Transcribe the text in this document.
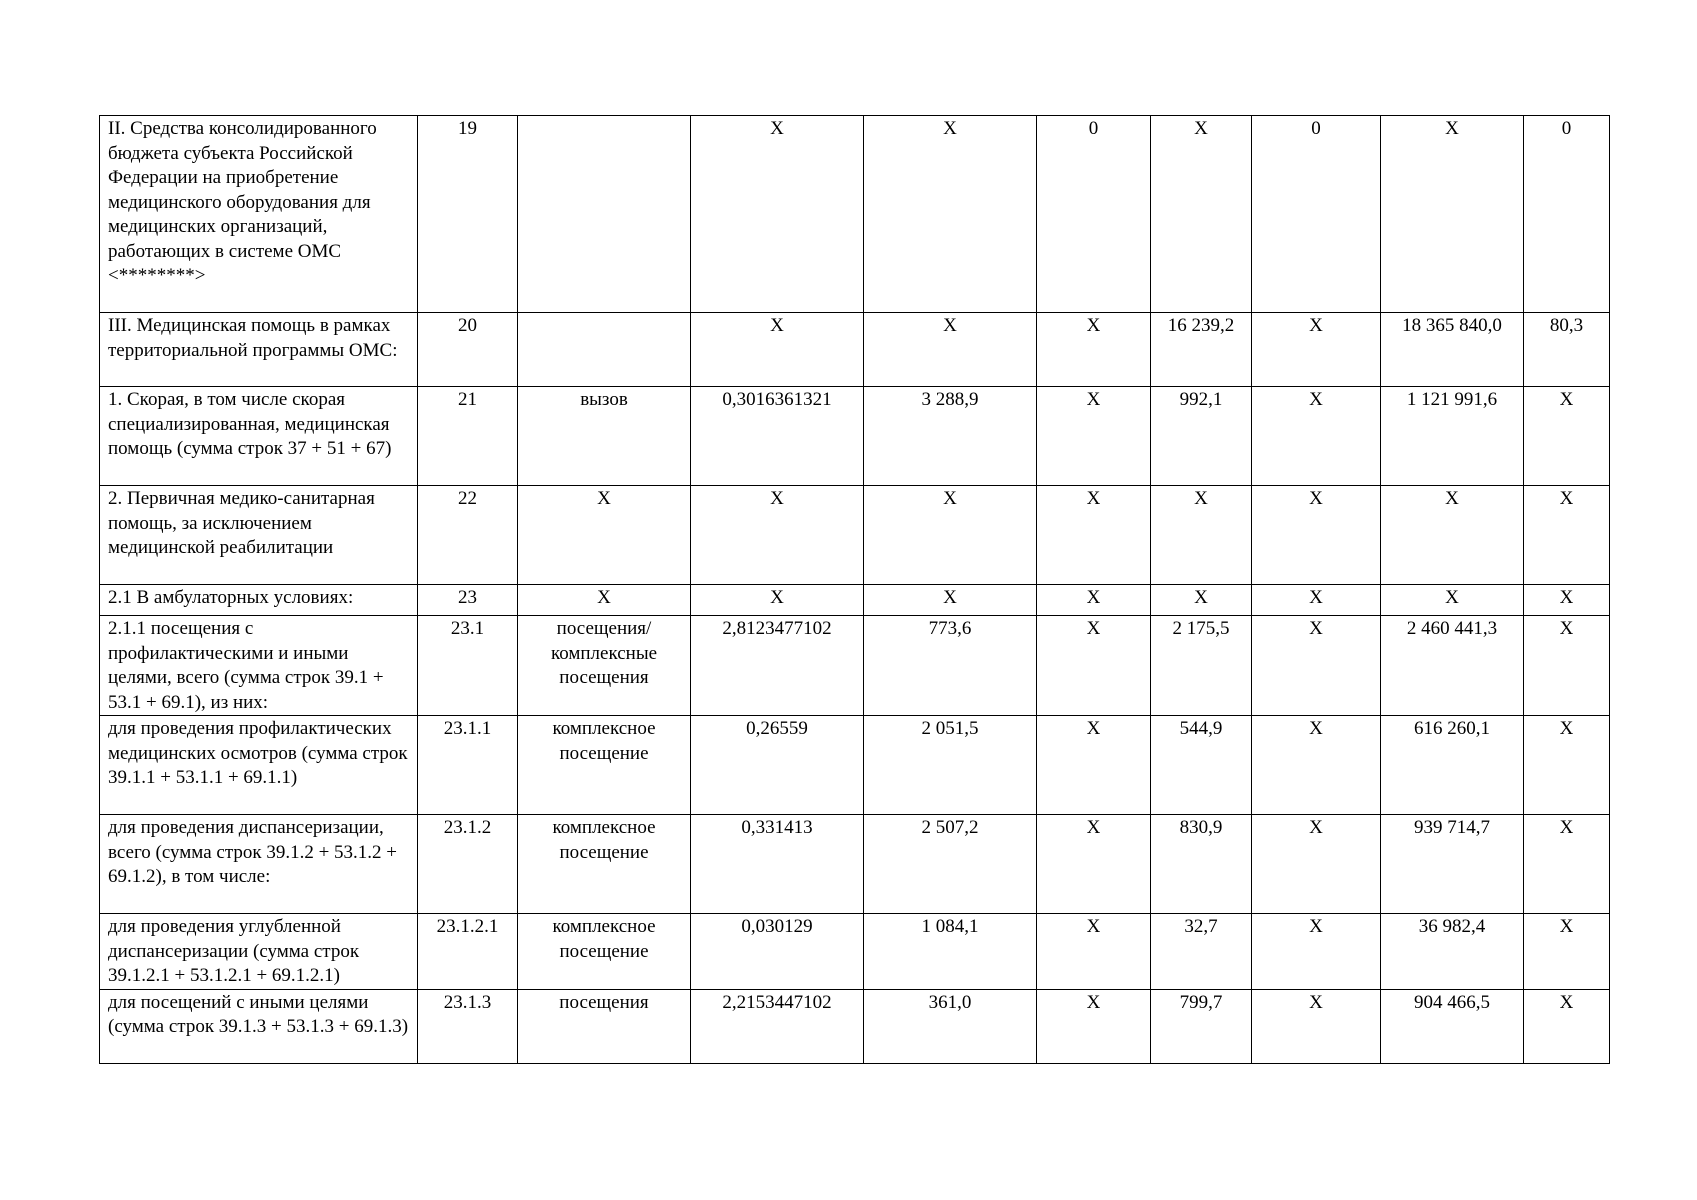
II. Средства консолидированного бюджета субъекта Российской Федерации на приобретение медицинского оборудования для медицинских организаций, работающих в системе ОМС <********>	19		X	X	0	X	0	X	0
III. Медицинская помощь в рамках территориальной программы ОМС:	20		X	X	X	16 239,2	X	18 365 840,0	80,3
1. Скорая, в том числе скорая специализированная, медицинская помощь (сумма строк 37 + 51 + 67)	21	вызов	0,3016361321	3 288,9	X	992,1	X	1 121 991,6	X
2. Первичная медико-санитарная помощь, за исключением медицинской реабилитации	22	X	X	X	X	X	X	X	X
2.1 В амбулаторных условиях:	23	X	X	X	X	X	X	X	X
2.1.1 посещения с профилактическими и иными целями, всего (сумма строк 39.1 + 53.1 + 69.1), из них:	23.1	посещения/ комплексные посещения	2,8123477102	773,6	X	2 175,5	X	2 460 441,3	X
для проведения профилактических медицинских осмотров (сумма строк 39.1.1 + 53.1.1 + 69.1.1)	23.1.1	комплексное посещение	0,26559	2 051,5	X	544,9	X	616 260,1	X
для проведения диспансеризации, всего (сумма строк 39.1.2 + 53.1.2 + 69.1.2), в том числе:	23.1.2	комплексное посещение	0,331413	2 507,2	X	830,9	X	939 714,7	X
для проведения углубленной диспансеризации (сумма строк 39.1.2.1 + 53.1.2.1 + 69.1.2.1)	23.1.2.1	комплексное посещение	0,030129	1 084,1	X	32,7	X	36 982,4	X
для посещений с иными целями (сумма строк 39.1.3 + 53.1.3 + 69.1.3)	23.1.3	посещения	2,2153447102	361,0	X	799,7	X	904 466,5	X
